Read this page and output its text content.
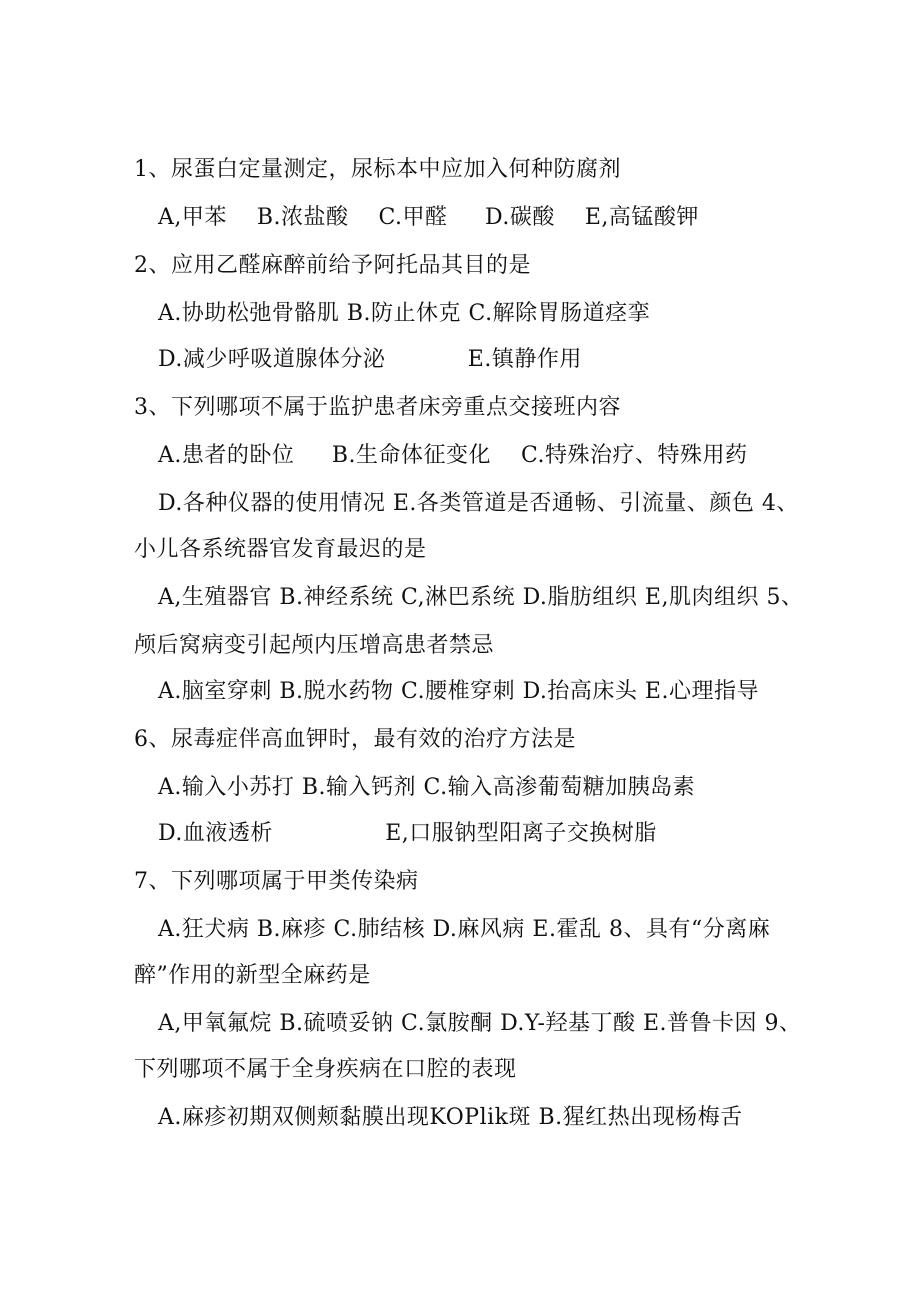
1、尿蛋白定量测定，尿标本中应加入何种防腐剂
A,甲苯    B.浓盐酸    C.甲醛     D.碳酸    E,高锰酸钾
2、应用乙醛麻醉前给予阿托品其目的是
A.协助松弛骨骼肌 B.防止休克 C.解除胃肠道痉挛
D.减少呼吸道腺体分泌           E.镇静作用
3、下列哪项不属于监护患者床旁重点交接班内容
A.患者的卧位     B.生命体征变化    C.特殊治疗、特殊用药
D.各种仪器的使用情况 E.各类管道是否通畅、引流量、颜色 4、
小儿各系统器官发育最迟的是
A,生殖器官 B.神经系统 C,淋巴系统 D.脂肪组织 E,肌肉组织 5、
颅后窝病变引起颅内压增高患者禁忌
A.脑室穿刺 B.脱水药物 C.腰椎穿刺 D.抬高床头 E.心理指导
6、尿毒症伴高血钾时，最有效的治疗方法是
A.输入小苏打 B.输入钙剂 C.输入高渗葡萄糖加胰岛素
D.血液透析               E,口服钠型阳离子交换树脂
7、下列哪项属于甲类传染病
A.狂犬病 B.麻疹 C.肺结核 D.麻风病 E.霍乱 8、具有“分离麻
醉”作用的新型全麻药是
A,甲氧氟烷 B.硫喷妥钠 C.氯胺酮 D.Y-羟基丁酸 E.普鲁卡因 9、
下列哪项不属于全身疾病在口腔的表现
A.麻疹初期双侧颊黏膜出现KOPlik斑 B.猩红热出现杨梅舌
